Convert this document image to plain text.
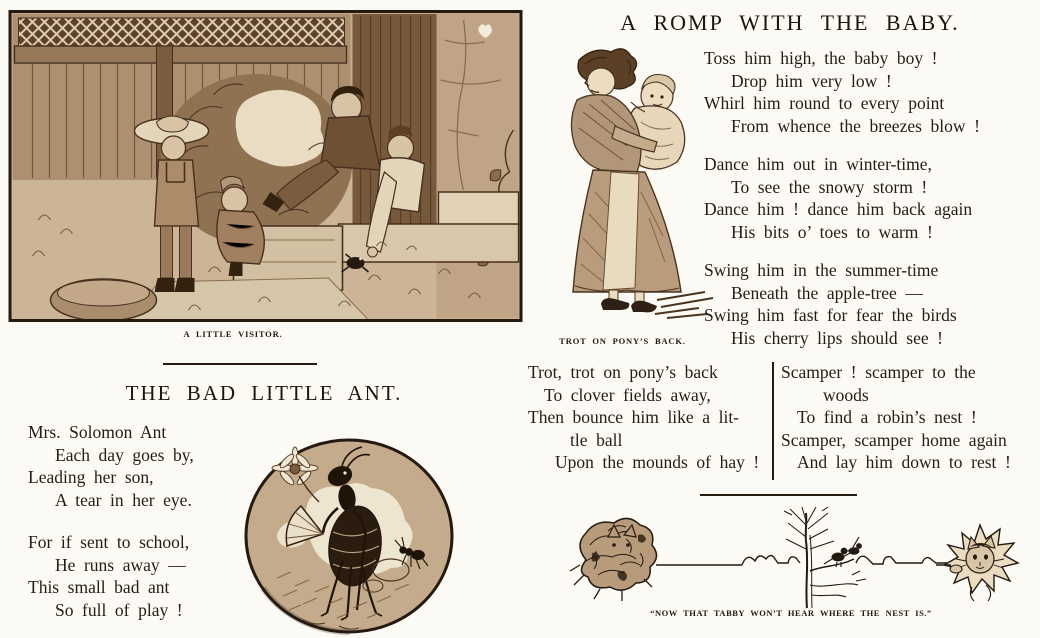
A LITTLE VISITOR.
THE BAD LITTLE ANT.
Mrs. Solomon Ant
Each day goes by,
Leading her son,
A tear in her eye.
For if sent to school,
He runs away —
This small bad ant
So full of play !
A ROMP WITH THE BABY.
TROT ON PONY’S BACK.
Toss him high, the baby boy !
Drop him very low !
Whirl him round to every point
From whence the breezes blow !
Dance him out in winter-time,
To see the snowy storm !
Dance him ! dance him back again
His bits o’ toes to warm !
Swing him in the summer-time
Beneath the apple-tree —
Swing him fast for fear the birds
His cherry lips should see !
Trot, trot on pony’s back
To clover fields away,
Then bounce him like a lit-
tle ball
Upon the mounds of hay !
Scamper ! scamper to the
woods
To find a robin’s nest !
Scamper, scamper home again
And lay him down to rest !
“NOW THAT TABBY WON’T HEAR WHERE THE NEST IS.”
